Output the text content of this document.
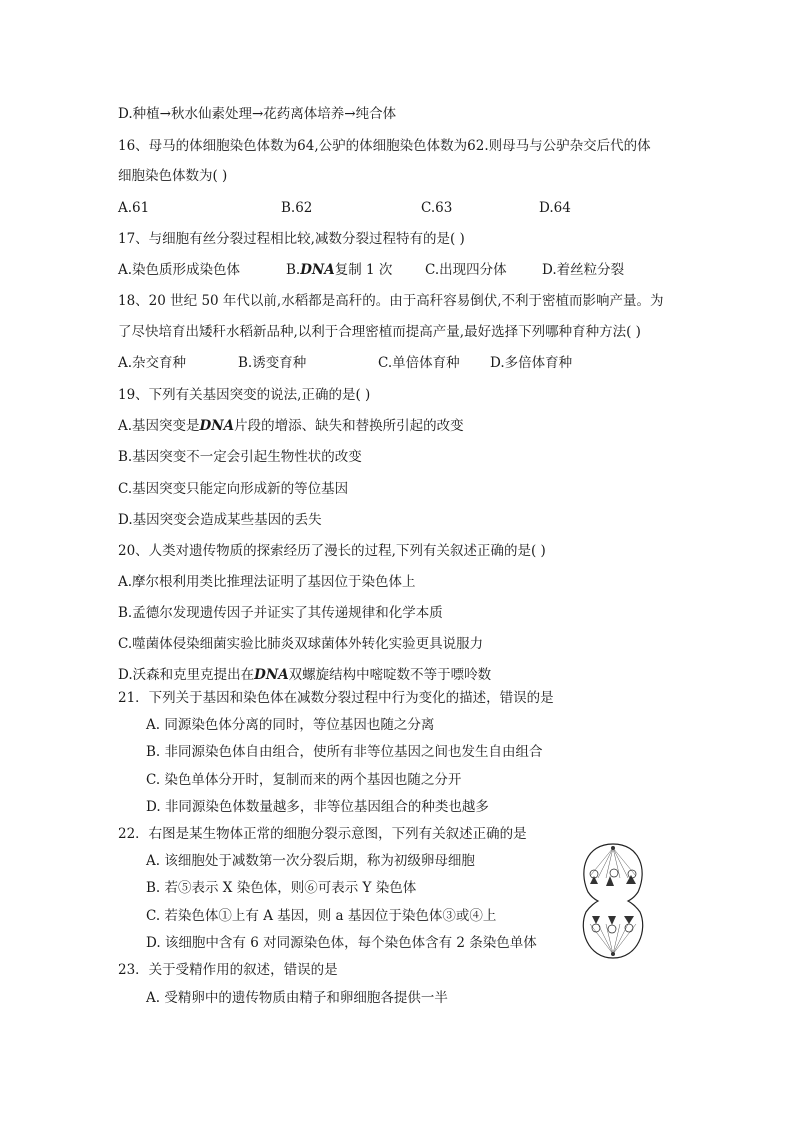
D.种植→秋水仙素处理→花药离体培养→纯合体
16、母马的体细胞染色体数为64,公驴的体细胞染色体数为62.则母马与公驴杂交后代的体
细胞染色体数为( )
A.61	B.62	C.63	D.64
17、与细胞有丝分裂过程相比较,减数分裂过程特有的是( )
A.染色质形成染色体	B.DNA复制 1 次 C.出现四分体	D.着丝粒分裂
18、20 世纪 50 年代以前,水稻都是高秆的。由于高秆容易倒伏,不利于密植而影响产量。为
了尽快培育出矮秆水稻新品种,以利于合理密植而提高产量,最好选择下列哪种育种方法( )
A.杂交育种	B.诱变育种	C.单倍体育种 D.多倍体育种
19、下列有关基因突变的说法,正确的是( )
A.基因突变是DNA片段的增添、缺失和替换所引起的改变
B.基因突变不一定会引起生物性状的改变
C.基因突变只能定向形成新的等位基因
D.基因突变会造成某些基因的丢失
20、人类对遗传物质的探索经历了漫长的过程,下列有关叙述正确的是( )
A.摩尔根利用类比推理法证明了基因位于染色体上
B.孟德尔发现遗传因子并证实了其传递规律和化学本质
C.噬菌体侵染细菌实验比肺炎双球菌体外转化实验更具说服力
D.沃森和克里克提出在DNA双螺旋结构中嘧啶数不等于嘌呤数
21．下列关于基因和染色体在减数分裂过程中行为变化的描述，错误的是
A. 同源染色体分离的同时，等位基因也随之分离
B. 非同源染色体自由组合，使所有非等位基因之间也发生自由组合
C. 染色单体分开时，复制而来的两个基因也随之分开
D. 非同源染色体数量越多，非等位基因组合的种类也越多
22．右图是某生物体正常的细胞分裂示意图，下列有关叙述正确的是
A. 该细胞处于减数第一次分裂后期，称为初级卵母细胞
B. 若⑤表示 X 染色体，则⑥可表示 Y 染色体
C. 若染色体①上有 A 基因，则 a 基因位于染色体③或④上
D. 该细胞中含有 6 对同源染色体，每个染色体含有 2 条染色单体
23．关于受精作用的叙述，错误的是
A. 受精卵中的遗传物质由精子和卵细胞各提供一半
